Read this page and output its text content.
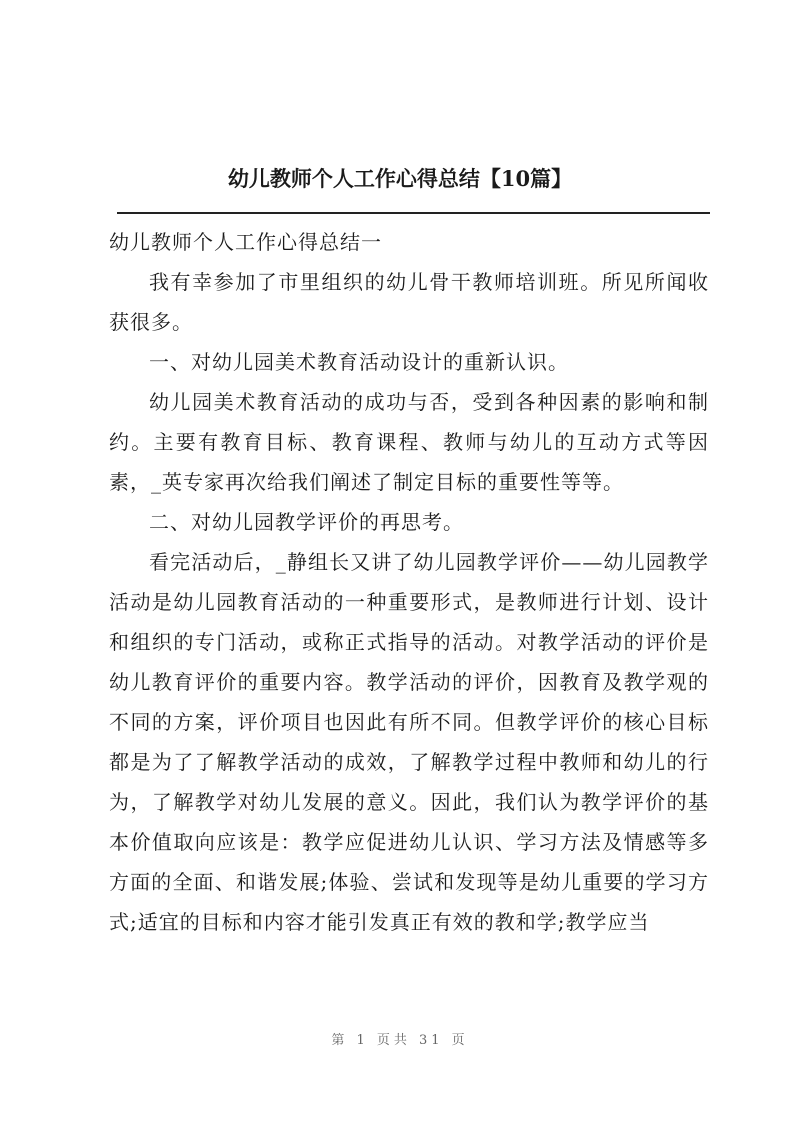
幼儿教师个人工作心得总结【10篇】

幼儿教师个人工作心得总结一

我有幸参加了市里组织的幼儿骨干教师培训班。所见所闻收获很多。

一、对幼儿园美术教育活动设计的重新认识。

幼儿园美术教育活动的成功与否，受到各种因素的影响和制约。主要有教育目标、教育课程、教师与幼儿的互动方式等因素，_英专家再次给我们阐述了制定目标的重要性等等。

二、对幼儿园教学评价的再思考。

看完活动后，_静组长又讲了幼儿园教学评价——幼儿园教学活动是幼儿园教育活动的一种重要形式，是教师进行计划、设计和组织的专门活动，或称正式指导的活动。对教学活动的评价是幼儿教育评价的重要内容。教学活动的评价，因教育及教学观的不同的方案，评价项目也因此有所不同。但教学评价的核心目标都是为了了解教学活动的成效，了解教学过程中教师和幼儿的行为，了解教学对幼儿发展的意义。因此，我们认为教学评价的基本价值取向应该是：教学应促进幼儿认识、学习方法及情感等多方面的全面、和谐发展;体验、尝试和发现等是幼儿重要的学习方式;适宜的目标和内容才能引发真正有效的教和学;教学应当

第 1 页共 31 页
